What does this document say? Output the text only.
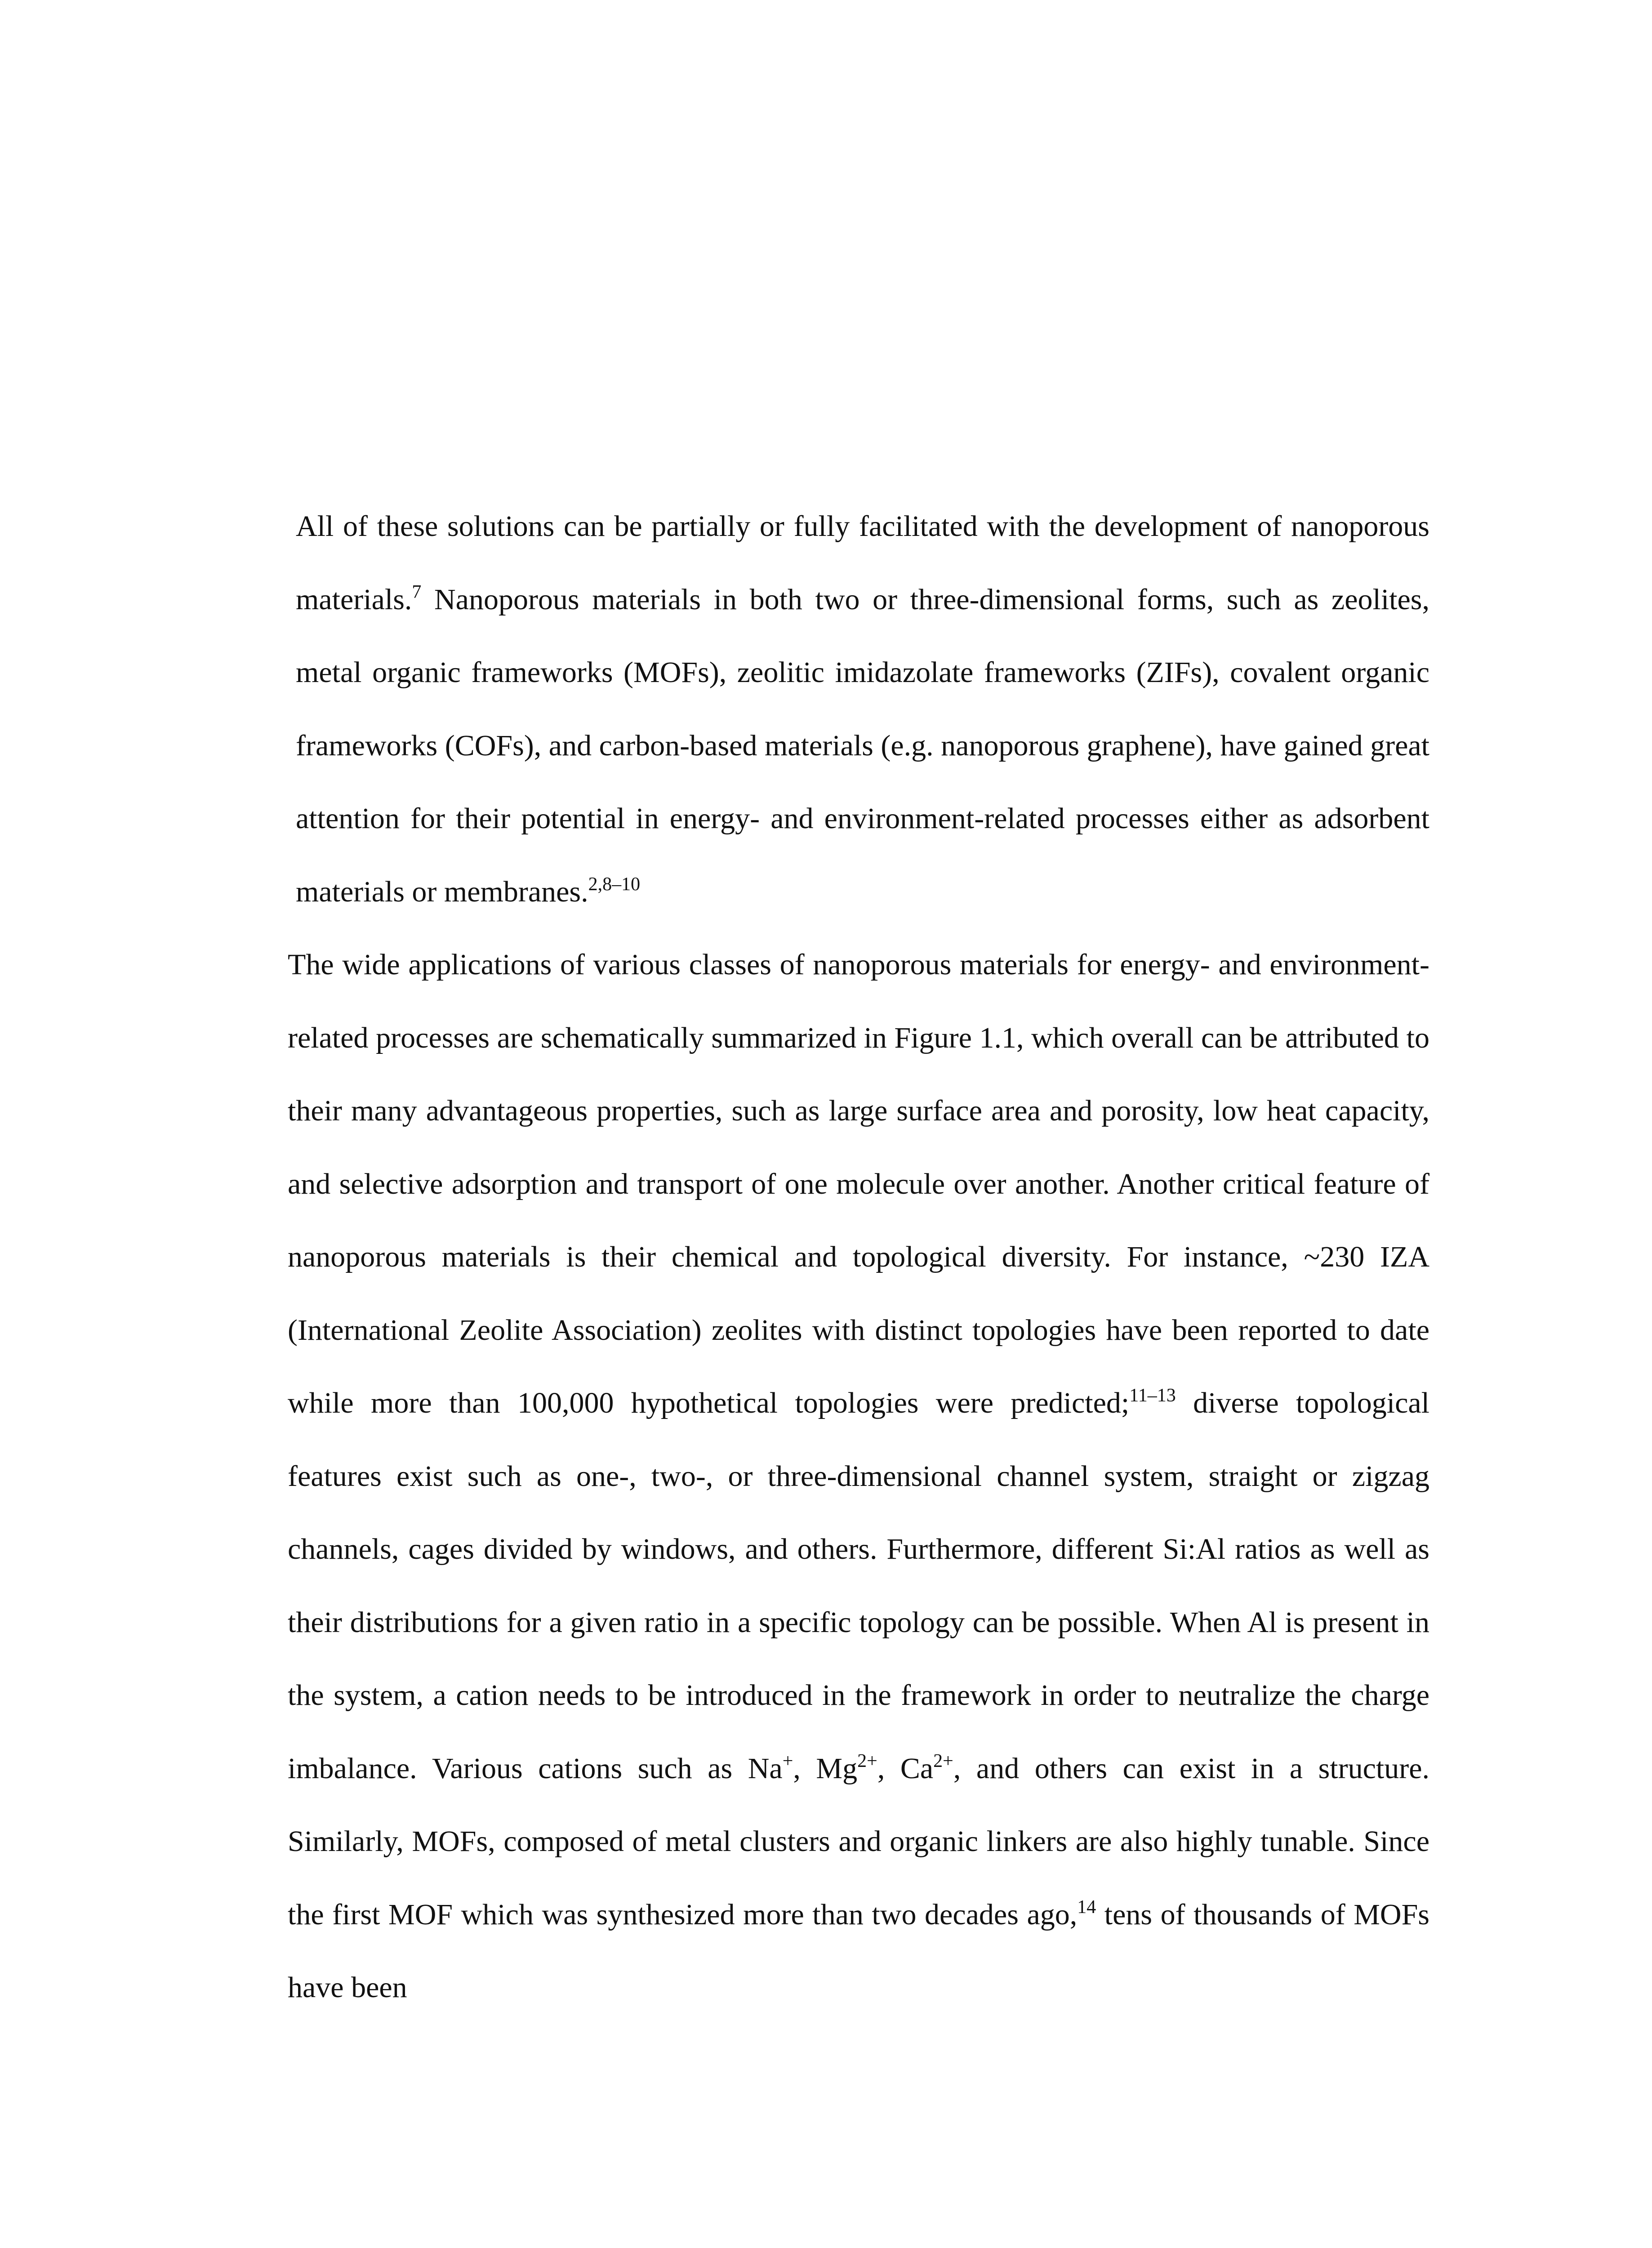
All of these solutions can be partially or fully facilitated with the development of nanoporous materials.$^7$ Nanoporous materials in both two or three-dimensional forms, such as zeolites, metal organic frameworks (MOFs), zeolitic imidazolate frameworks (ZIFs), covalent organic frameworks (COFs), and carbon-based materials (e.g. nanoporous graphene), have gained great attention for their potential in energy- and environment-related processes either as adsorbent materials or membranes.$^{2,8-10}$

The wide applications of various classes of nanoporous materials for energy- and environment-related processes are schematically summarized in Figure 1.1, which overall can be attributed to their many advantageous properties, such as large surface area and porosity, low heat capacity, and selective adsorption and transport of one molecule over another. Another critical feature of nanoporous materials is their chemical and topological diversity. For instance, ~230 IZA (International Zeolite Association) zeolites with distinct topologies have been reported to date while more than 100,000 hypothetical topologies were predicted;$^{11-13}$ diverse topological features exist such as one-, two-, or three-dimensional channel system, straight or zigzag channels, cages divided by windows, and others. Furthermore, different Si:Al ratios as well as their distributions for a given ratio in a specific topology can be possible. When Al is present in the system, a cation needs to be introduced in the framework in order to neutralize the charge imbalance. Various cations such as Na+, $Mg^{2+}$, $Ca^{2+}$, and others can exist in a structure. Similarly, MOFs, composed of metal clusters and organic linkers are also highly tunable. Since the first MOF which was synthesized more than two decades ago,$^{14}$ tens of thousands of MOFs have been
